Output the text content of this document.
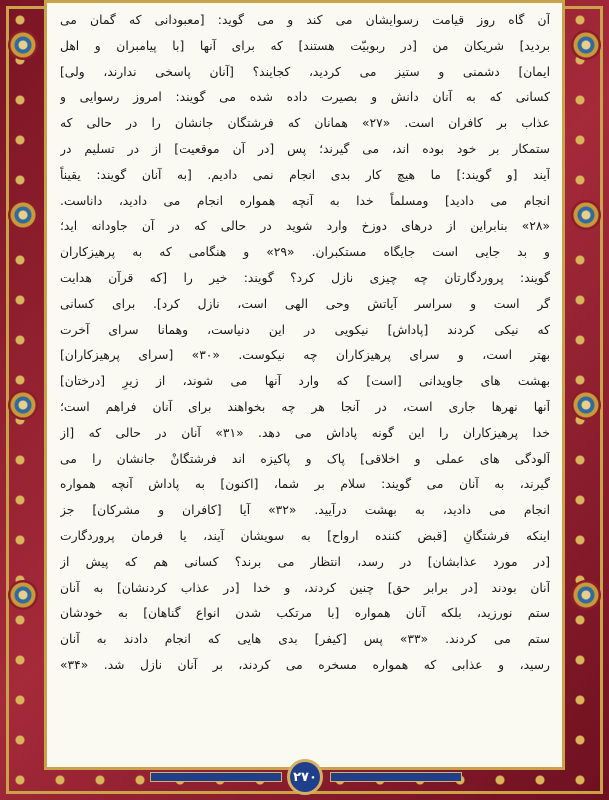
آن گاه روز قیامت رسوایشان می کند و می گوید: [معبودانی که گمان می
بردید] شریکان من [در ربوبیّت هستند] که برای آنها [با پیامبران و اهل
ایمان] دشمنی و ستیز می کردید، کجایند؟ [آنان پاسخی ندارند، ولی]
کسانی که به آنان دانش و بصیرت داده شده می گویند: امروز رسوایی و
عذاب بر کافران است. «۲۷» همانان که فرشتگان جانشان را در حالی که
ستمکار بر خود بوده اند، می گیرند؛ پس [در آن موقعیت] از در تسلیم در
آیند [و گویند:] ما هیچ کار بدی انجام نمی دادیم. [به آنان گویند: یقیناً
انجام می دادید] ومسلماً خدا به آنچه همواره انجام می دادید، داناست.
«۲۸» بنابراین از درهای دوزخ وارد شوید در حالی که در آن جاودانه اید؛
و بد جایی است جایگاه مستکبران. «۲۹» و هنگامی که به پرهیزکاران
گویند: پروردگارتان چه چیزی نازل کرد؟ گویند: خیر را [که قرآن هدایت
گر است و سراسر آیاتش وحی الهی است، نازل کرد]. برای کسانی
که نیکی کردند [پاداش] نیکویی در این دنیاست، وهمانا سرای آخرت
بهتر است، و سرای پرهیزکاران چه نیکوست. «۳۰» [سرای پرهیزکاران]
بهشت های جاویدانی [است] که وارد آنها می شوند، از زیرِ [درختان]
آنها نهرها جاری است، در آنجا هر چه بخواهند برای آنان فراهم است؛
خدا پرهیزکاران را این گونه پاداش می دهد. «۳۱» آنان در حالی که [از
آلودگی های عملی و اخلاقی] پاک و پاکیزه اند فرشتگانْ جانشان را می
گیرند، به آنان می گویند: سلام بر شما، [اکنون] به پاداش آنچه همواره
انجام می دادید، به بهشت درآیید. «۳۲» آیا [کافران و مشرکان] جز
اینکه فرشتگانِ [قبض کننده ارواح] به سویشان آیند، یا فرمان پروردگارت
[در مورد عذابشان] در رسد، انتظار می برند؟ کسانی هم که پیش از
آنان بودند [در برابر حق] چنین کردند، و خدا [در عذاب کردنشان] به آنان
ستم نورزید، بلکه آنان همواره [با مرتکب شدن انواع گناهان] به خودشان
ستم می کردند. «۳۳» پس [کیفر] بدی هایی که انجام دادند به آنان
رسید، و عذابی که همواره مسخره می کردند، بر آنان نازل شد. «۳۴»
۲۷۰
